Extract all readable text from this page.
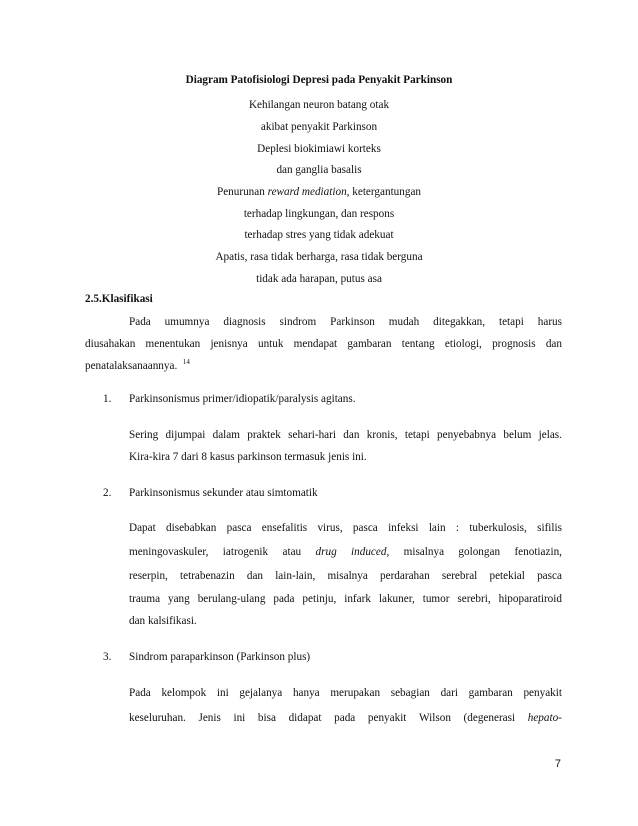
Diagram Patofisiologi Depresi pada Penyakit Parkinson
Kehilangan neuron batang otak
akibat penyakit Parkinson
Deplesi biokimiawi korteks
dan ganglia basalis
Penurunan reward mediation, ketergantungan
terhadap lingkungan, dan respons
terhadap stres yang tidak adekuat
Apatis, rasa tidak berharga, rasa tidak berguna
tidak ada harapan, putus asa
2.5.Klasifikasi
Pada umumnya diagnosis sindrom Parkinson mudah ditegakkan, tetapi harus
diusahakan menentukan jenisnya untuk mendapat gambaran tentang etiologi, prognosis dan
penatalaksanaannya. $^{14}$
1. Parkinsonismus primer/idiopatik/paralysis agitans.
Sering dijumpai dalam praktek sehari-hari dan kronis, tetapi penyebabnya belum jelas.
Kira-kira 7 dari 8 kasus parkinson termasuk jenis ini.
2. Parkinsonismus sekunder atau simtomatik
Dapat disebabkan pasca ensefalitis virus, pasca infeksi lain : tuberkulosis, sifilis
meningovaskuler, iatrogenik atau drug induced, misalnya golongan fenotiazin,
reserpin, tetrabenazin dan lain-lain, misalnya perdarahan serebral petekial pasca
trauma yang berulang-ulang pada petinju, infark lakuner, tumor serebri, hipoparatiroid
dan kalsifikasi.
3. Sindrom paraparkinson (Parkinson plus)
Pada kelompok ini gejalanya hanya merupakan sebagian dari gambaran penyakit
keseluruhan. Jenis ini bisa didapat pada penyakit Wilson (degenerasi hepato-
7
